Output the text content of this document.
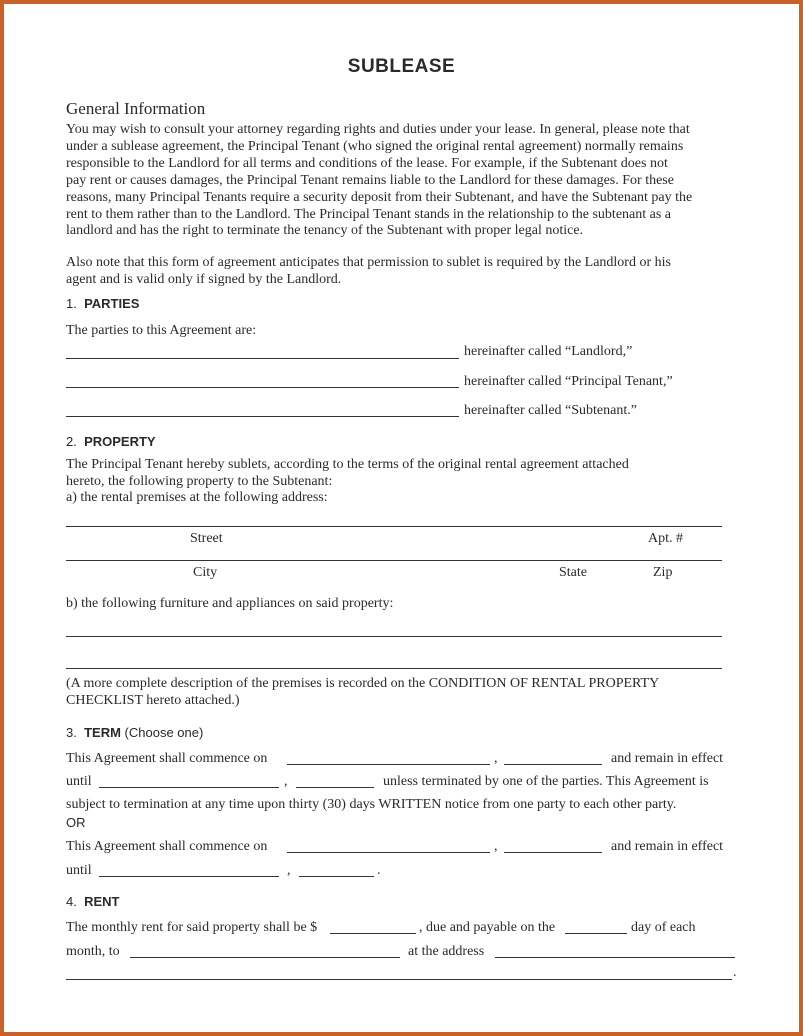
SUBLEASE
General Information
You may wish to consult your attorney regarding rights and duties under your lease. In general, please note that
under a sublease agreement, the Principal Tenant (who signed the original rental agreement) normally remains
responsible to the Landlord for all terms and conditions of the lease. For example, if the Subtenant does not
pay rent or causes damages, the Principal Tenant remains liable to the Landlord for these damages. For these
reasons, many Principal Tenants require a security deposit from their Subtenant, and have the Subtenant pay the
rent to them rather than to the Landlord. The Principal Tenant stands in the relationship to the subtenant as a
landlord and has the right to terminate the tenancy of the Subtenant with proper legal notice.
Also note that this form of agreement anticipates that permission to sublet is required by the Landlord or his
agent and is valid only if signed by the Landlord.
1. PARTIES
The parties to this Agreement are:
hereinafter called “Landlord,”
hereinafter called “Principal Tenant,”
hereinafter called “Subtenant.”
2. PROPERTY
The Principal Tenant hereby sublets, according to the terms of the original rental agreement attached
hereto, the following property to the Subtenant:
a) the rental premises at the following address:
Street	Apt. #
City	State	Zip
b) the following furniture and appliances on said property:
(A more complete description of the premises is recorded on the CONDITION OF RENTAL PROPERTY
CHECKLIST hereto attached.)
3. TERM (Choose one)
This Agreement shall commence on	,	and remain in effect
until	,	unless terminated by one of the parties. This Agreement is
subject to termination at any time upon thirty (30) days WRITTEN notice from one party to each other party.
OR
This Agreement shall commence on	,	and remain in effect
until	,	.
4. RENT
The monthly rent for said property shall be $	, due and payable on the	day of each
month, to	at the address
.
